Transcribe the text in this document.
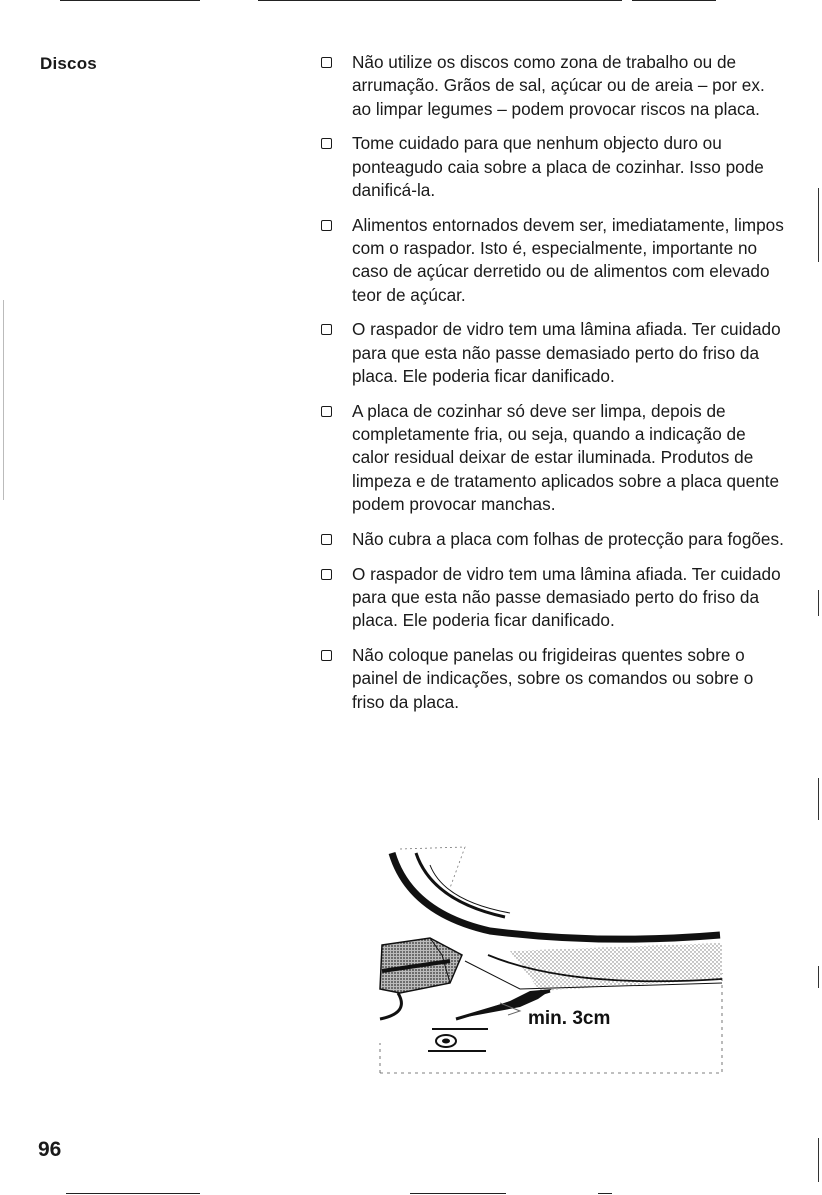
Discos	Não utilize os discos como zona de trabalho ou de arrumação. Grãos de sal, açúcar ou de areia – por ex. ao limpar legumes – podem provocar riscos na placa.
Tome cuidado para que nenhum objecto duro ou ponteagudo caia sobre a placa de cozinhar. Isso pode danificá-la.
Alimentos entornados devem ser, imediatamente, limpos com o raspador. Isto é, especialmente, importante no caso de açúcar derretido ou de alimentos com elevado teor de açúcar.
O raspador de vidro tem uma lâmina afiada. Ter cuidado para que esta não passe demasiado perto do friso da placa. Ele poderia ficar danificado.
A placa de cozinhar só deve ser limpa, depois de completamente fria, ou seja, quando a indicação de calor residual deixar de estar iluminada. Produtos de limpeza e de tratamento aplicados sobre a placa quente podem provocar manchas.
Não cubra a placa com folhas de protecção para fogões.
O raspador de vidro tem uma lâmina afiada. Ter cuidado para que esta não passe demasiado perto do friso da placa. Ele poderia ficar danificado.
Não coloque panelas ou frigideiras quentes sobre o painel de indicações, sobre os comandos ou sobre o friso da placa.
min. 3cm
96
